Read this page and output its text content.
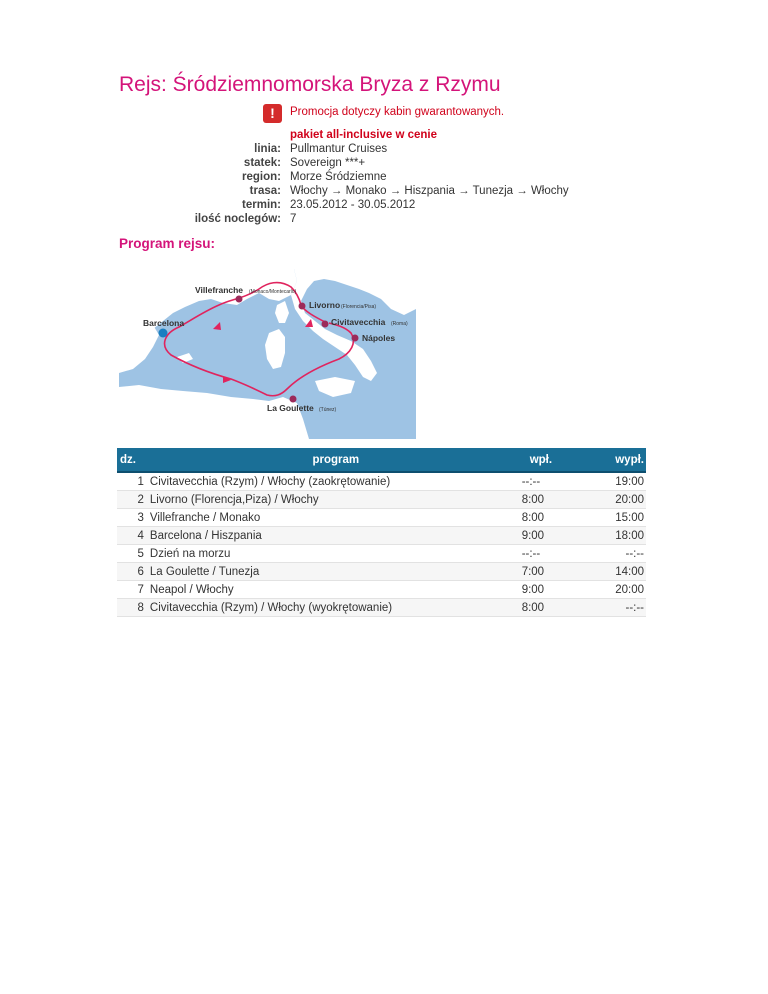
Rejs: Śródziemnomorska Bryza z Rzymu
!	Promocja dotyczy kabin gwarantowanych.
pakiet all-inclusive w cenie
linia: Pullmantur Cruises
statek: Sovereign ***+
region: Morze Śródziemne
trasa: Włochy → Monako → Hiszpania → Tunezja → Włochy
termin: 23.05.2012 - 30.05.2012
ilość noclegów: 7
Program rejsu:
Villefranche (Monaco/Montecarlo)
Livorno (Florencia/Pisa)
Barcelona	Civitavecchia (Roma)
Nápoles
La Goulette (Túnez)
dz.	program	wpł.	wypł.
1	Civitavecchia (Rzym) / Włochy (zaokrętowanie)	--:--	19:00
2	Livorno (Florencja,Piza) / Włochy	8:00	20:00
3	Villefranche / Monako	8:00	15:00
4	Barcelona / Hiszpania	9:00	18:00
5	Dzień na morzu	--:--	--:--
6	La Goulette / Tunezja	7:00	14:00
7	Neapol / Włochy	9:00	20:00
8	Civitavecchia (Rzym) / Włochy (wyokrętowanie)	8:00	--:--
